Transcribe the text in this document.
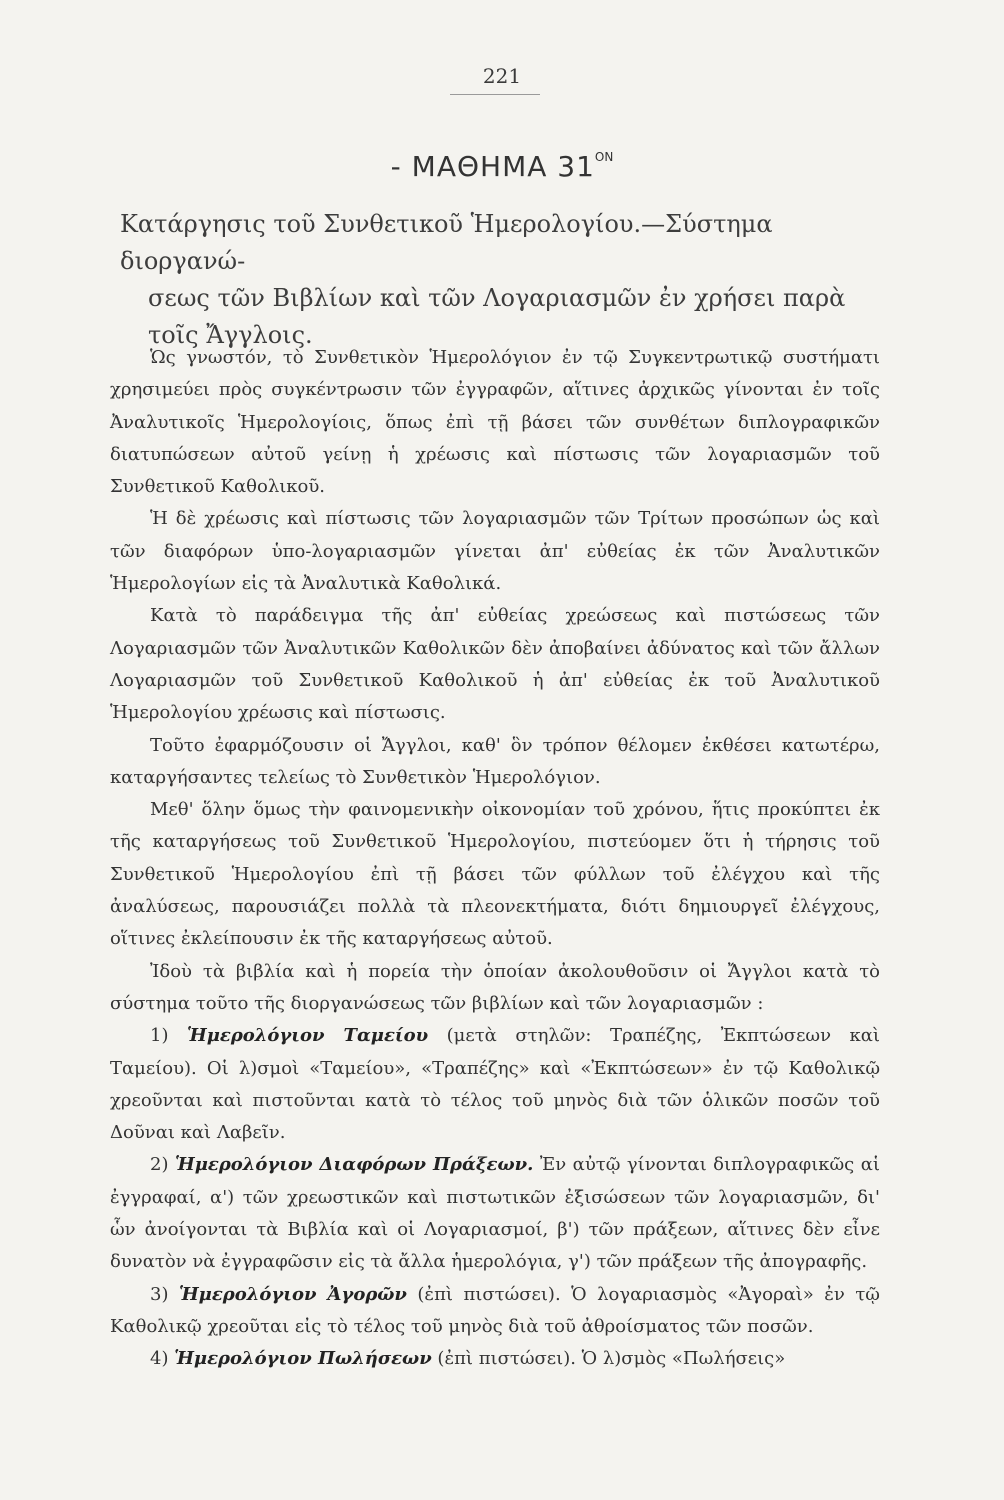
221
- ΜΑΘΗΜΑ $31^{ON}$
Κατάργησις τοῦ Συνθετικοῦ Ἡμερολογίου.—Σύστημα διοργανώ-
σεως τῶν Βιβλίων καὶ τῶν Λογαριασμῶν ἐν χρήσει παρὰ
τοῖς Ἄγγλοις.

Ὡς γνωστόν, τὸ Συνθετικὸν Ἡμερολόγιον ἐν τῷ Συγκεντρωτικῷ συστήματι χρησιμεύει πρὸς συγκέντρωσιν τῶν ἐγγραφῶν, αἵτινες ἀρχικῶς γίνονται ἐν τοῖς Ἀναλυτικοῖς Ἡμερολογίοις, ὅπως ἐπὶ τῇ βάσει τῶν συνθέτων διπλογραφικῶν διατυπώσεων αὐτοῦ γείνῃ ἡ χρέωσις καὶ πίστωσις τῶν λογαριασμῶν τοῦ Συνθετικοῦ Καθολικοῦ.

Ἡ δὲ χρέωσις καὶ πίστωσις τῶν λογαριασμῶν τῶν Τρίτων προσώπων ὡς καὶ τῶν διαφόρων ὑπο-λογαριασμῶν γίνεται ἀπ' εὐθείας ἐκ τῶν Ἀναλυτικῶν Ἡμερολογίων εἰς τὰ Ἀναλυτικὰ Καθολικά.

Κατὰ τὸ παράδειγμα τῆς ἀπ' εὐθείας χρεώσεως καὶ πιστώσεως τῶν Λογαριασμῶν τῶν Ἀναλυτικῶν Καθολικῶν δὲν ἀποβαίνει ἀδύνατος καὶ τῶν ἄλλων Λογαριασμῶν τοῦ Συνθετικοῦ Καθολικοῦ ἡ ἀπ' εὐθείας ἐκ τοῦ Ἀναλυτικοῦ Ἡμερολογίου χρέωσις καὶ πίστωσις.

Τοῦτο ἐφαρμόζουσιν οἱ Ἄγγλοι, καθ' ὃν τρόπον θέλομεν ἐκθέσει κατωτέρω, καταργήσαντες τελείως τὸ Συνθετικὸν Ἡμερολόγιον.

Μεθ' ὅλην ὅμως τὴν φαινομενικὴν οἰκονομίαν τοῦ χρόνου, ἥτις προκύπτει ἐκ τῆς καταργήσεως τοῦ Συνθετικοῦ Ἡμερολογίου, πιστεύομεν ὅτι ἡ τήρησις τοῦ Συνθετικοῦ Ἡμερολογίου ἐπὶ τῇ βάσει τῶν φύλλων τοῦ ἐλέγχου καὶ τῆς ἀναλύσεως, παρουσιάζει πολλὰ τὰ πλεονεκτήματα, διότι δημιουργεῖ ἐλέγχους, οἵτινες ἐκλείπουσιν ἐκ τῆς καταργήσεως αὐτοῦ.

Ἰδοὺ τὰ βιβλία καὶ ἡ πορεία τὴν ὁποίαν ἀκολουθοῦσιν οἱ Ἄγγλοι κατὰ τὸ σύστημα τοῦτο τῆς διοργανώσεως τῶν βιβλίων καὶ τῶν λογαριασμῶν :

1) Ἡμερολόγιον Ταμείου (μετὰ στηλῶν: Τραπέζης, Ἐκπτώσεων καὶ Ταμείου). Οἱ λ)σμοὶ «Ταμείου», «Τραπέζης» καὶ «Ἐκπτώσεων» ἐν τῷ Καθολικῷ χρεοῦνται καὶ πιστοῦνται κατὰ τὸ τέλος τοῦ μηνὸς διὰ τῶν ὁλικῶν ποσῶν τοῦ Δοῦναι καὶ Λαβεῖν.

2) Ἡμερολόγιον Διαφόρων Πράξεων. Ἐν αὐτῷ γίνονται διπλογραφικῶς αἱ ἐγγραφαί, α') τῶν χρεωστικῶν καὶ πιστωτικῶν ἐξισώσεων τῶν λογαριασμῶν, δι' ὧν ἀνοίγονται τὰ Βιβλία καὶ οἱ Λογαριασμοί, β') τῶν πράξεων, αἵτινες δὲν εἶνε δυνατὸν νὰ ἐγγραφῶσιν εἰς τὰ ἄλλα ἡμερολόγια, γ') τῶν πράξεων τῆς ἀπογραφῆς.

3) Ἡμερολόγιον Ἀγορῶν (ἐπὶ πιστώσει). Ὁ λογαριασμὸς «Ἀγοραὶ» ἐν τῷ Καθολικῷ χρεοῦται εἰς τὸ τέλος τοῦ μηνὸς διὰ τοῦ ἀθροίσματος τῶν ποσῶν.

4) Ἡμερολόγιον Πωλήσεων (ἐπὶ πιστώσει). Ὁ λ)σμὸς «Πωλήσεις»
